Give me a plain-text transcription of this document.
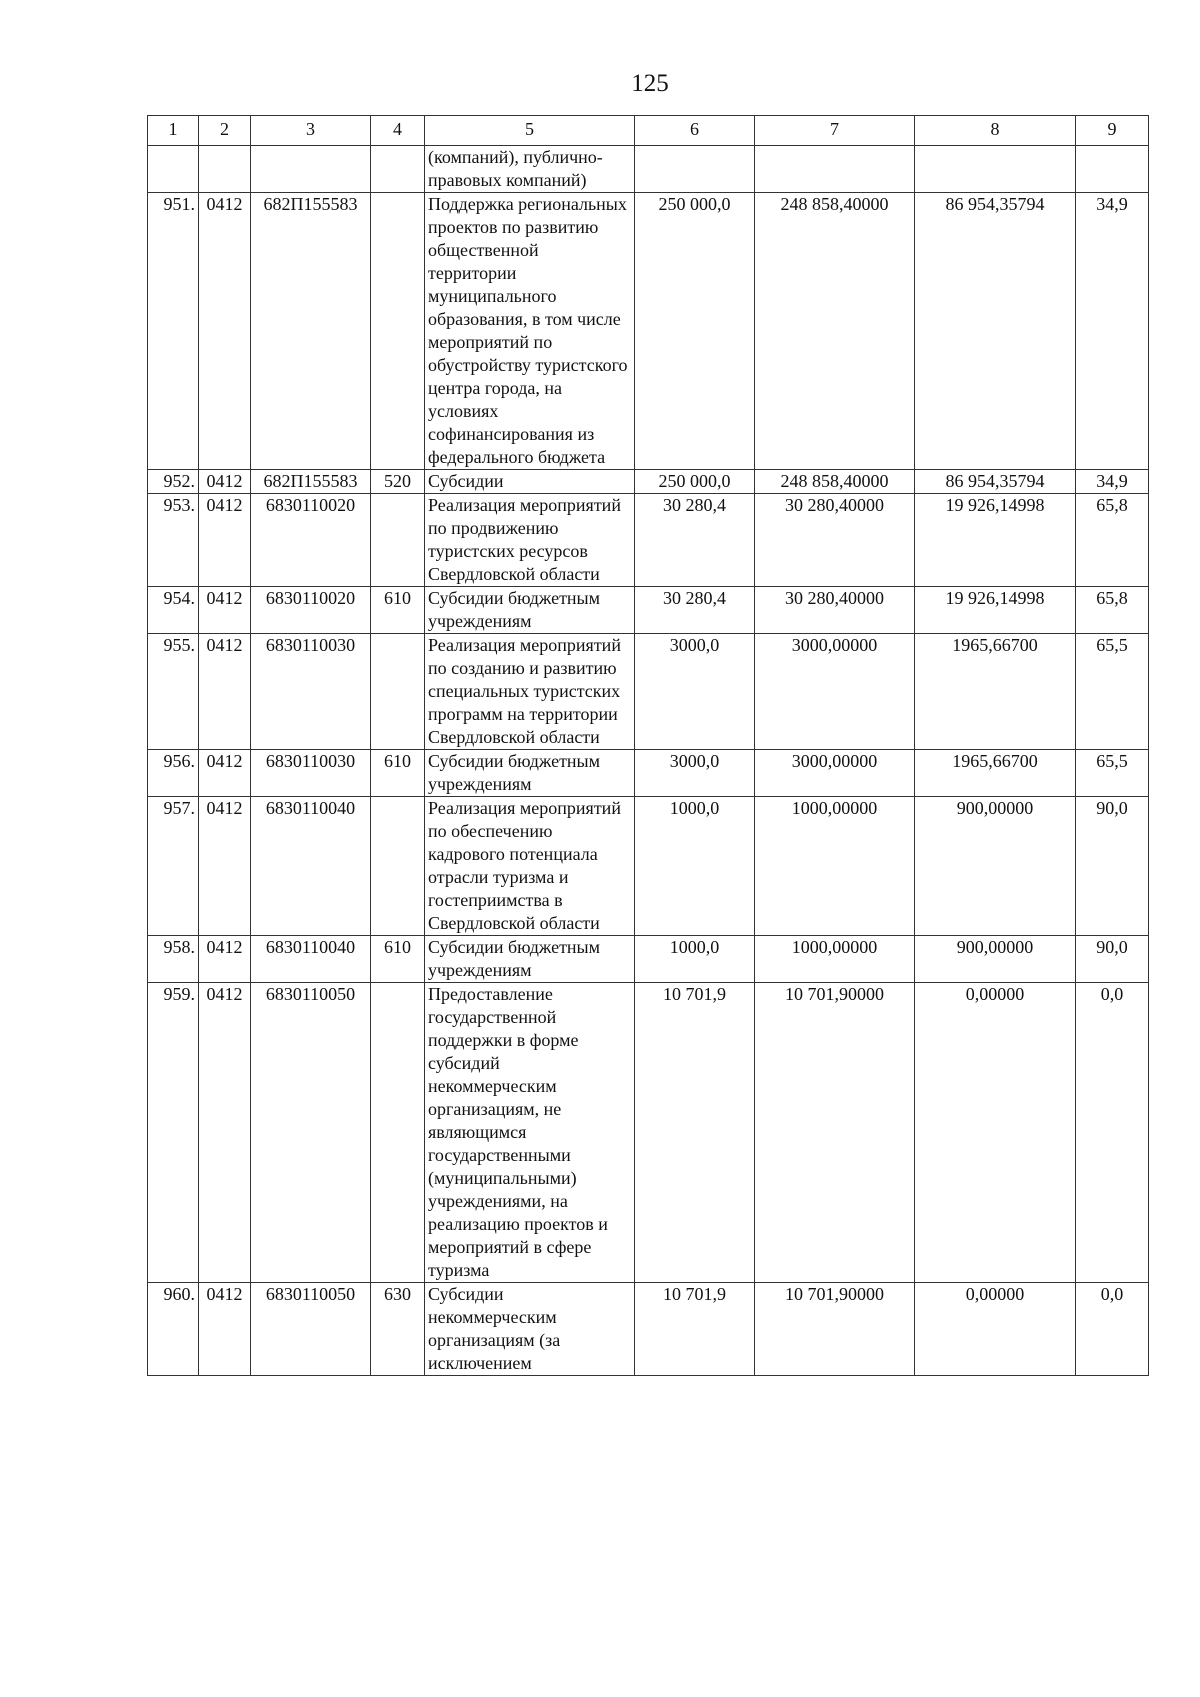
125
1	2	3	4	5	6	7	8	9
				(компаний), публично-правовых компаний)				
951.	0412	682П155583		Поддержка региональных проектов по развитию общественной территории муниципального образования, в том числе мероприятий по обустройству туристского центра города, на условиях софинансирования из федерального бюджета	250 000,0	248 858,40000	86 954,35794	34,9
952.	0412	682П155583	520	Субсидии	250 000,0	248 858,40000	86 954,35794	34,9
953.	0412	6830110020		Реализация мероприятий по продвижению туристских ресурсов Свердловской области	30 280,4	30 280,40000	19 926,14998	65,8
954.	0412	6830110020	610	Субсидии бюджетным учреждениям	30 280,4	30 280,40000	19 926,14998	65,8
955.	0412	6830110030		Реализация мероприятий по созданию и развитию специальных туристских программ на территории Свердловской области	3000,0	3000,00000	1965,66700	65,5
956.	0412	6830110030	610	Субсидии бюджетным учреждениям	3000,0	3000,00000	1965,66700	65,5
957.	0412	6830110040		Реализация мероприятий по обеспечению кадрового потенциала отрасли туризма и гостеприимства в Свердловской области	1000,0	1000,00000	900,00000	90,0
958.	0412	6830110040	610	Субсидии бюджетным учреждениям	1000,0	1000,00000	900,00000	90,0
959.	0412	6830110050		Предоставление государственной поддержки в форме субсидий некоммерческим организациям, не являющимся государственными (муниципальными) учреждениями, на реализацию проектов и мероприятий в сфере туризма	10 701,9	10 701,90000	0,00000	0,0
960.	0412	6830110050	630	Субсидии некоммерческим организациям (за исключением	10 701,9	10 701,90000	0,00000	0,0
